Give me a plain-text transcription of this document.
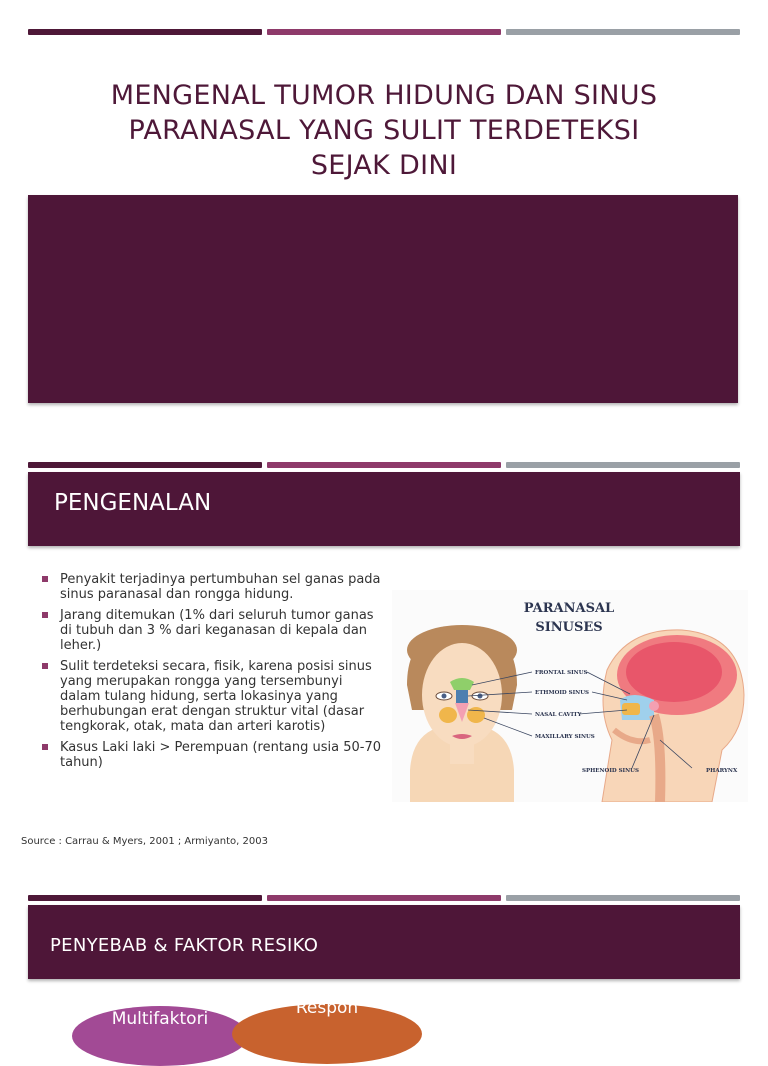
MENGENAL TUMOR HIDUNG DAN SINUS PARANASAL YANG SULIT TERDETEKSI SEJAK DINI
PENGENALAN
Penyakit terjadinya pertumbuhan sel ganas pada sinus paranasal dan rongga hidung.
Jarang ditemukan (1% dari seluruh tumor ganas di tubuh dan 3 % dari keganasan di kepala dan leher.)
Sulit terdeteksi secara, fisik, karena posisi sinus yang merupakan rongga yang tersembunyi dalam tulang hidung, serta lokasinya yang berhubungan erat dengan struktur vital (dasar tengkorak, otak, mata dan arteri karotis)
Kasus Laki laki > Perempuan (rentang usia 50-70 tahun)
Source : Carrau & Myers, 2001 ; Armiyanto, 2003
PARANASAL
SINUSES
FRONTAL SINUS
ETHMOID SINUS
NASAL CAVITY
MAXILLARY SINUS
SPHENOID SINUS	PHARYNX
PENYEBAB & FAKTOR RESIKO
Multifaktori
Respon
